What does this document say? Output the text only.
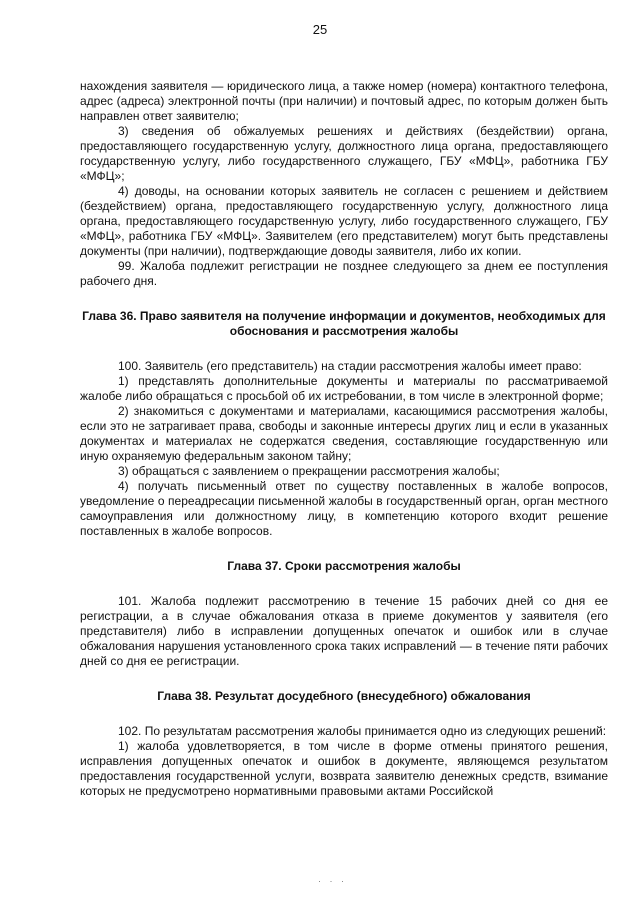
25

нахождения заявителя — юридического лица, а также номер (номера) контактного телефона, адрес (адреса) электронной почты (при наличии) и почтовый адрес, по которым должен быть направлен ответ заявителю;

3) сведения об обжалуемых решениях и действиях (бездействии) органа, предоставляющего государственную услугу, должностного лица органа, предоставляющего государственную услугу, либо государственного служащего, ГБУ «МФЦ», работника ГБУ «МФЦ»;

4) доводы, на основании которых заявитель не согласен с решением и действием (бездействием) органа, предоставляющего государственную услугу, должностного лица органа, предоставляющего государственную услугу, либо государственного служащего, ГБУ «МФЦ», работника ГБУ «МФЦ». Заявителем (его представителем) могут быть представлены документы (при наличии), подтверждающие доводы заявителя, либо их копии.

99. Жалоба подлежит регистрации не позднее следующего за днем ее поступления рабочего дня.

Глава 36. Право заявителя на получение информации и документов, необходимых для обоснования и рассмотрения жалобы

100. Заявитель (его представитель) на стадии рассмотрения жалобы имеет право:

1) представлять дополнительные документы и материалы по рассматриваемой жалобе либо обращаться с просьбой об их истребовании, в том числе в электронной форме;

2) знакомиться с документами и материалами, касающимися рассмотрения жалобы, если это не затрагивает права, свободы и законные интересы других лиц и если в указанных документах и материалах не содержатся сведения, составляющие государственную или иную охраняемую федеральным законом тайну;

3) обращаться с заявлением о прекращении рассмотрения жалобы;

4) получать письменный ответ по существу поставленных в жалобе вопросов, уведомление о переадресации письменной жалобы в государственный орган, орган местного самоуправления или должностному лицу, в компетенцию которого входит решение поставленных в жалобе вопросов.

Глава 37. Сроки рассмотрения жалобы

101. Жалоба подлежит рассмотрению в течение 15 рабочих дней со дня ее регистрации, а в случае обжалования отказа в приеме документов у заявителя (его представителя) либо в исправлении допущенных опечаток и ошибок или в случае обжалования нарушения установленного срока таких исправлений — в течение пяти рабочих дней со дня ее регистрации.

Глава 38. Результат досудебного (внесудебного) обжалования

102. По результатам рассмотрения жалобы принимается одно из следующих решений:

1) жалоба удовлетворяется, в том числе в форме отмены принятого решения, исправления допущенных опечаток и ошибок в документе, являющемся результатом предоставления государственной услуги, возврата заявителю денежных средств, взимание которых не предусмотрено нормативными правовыми актами Российской

· · ·
